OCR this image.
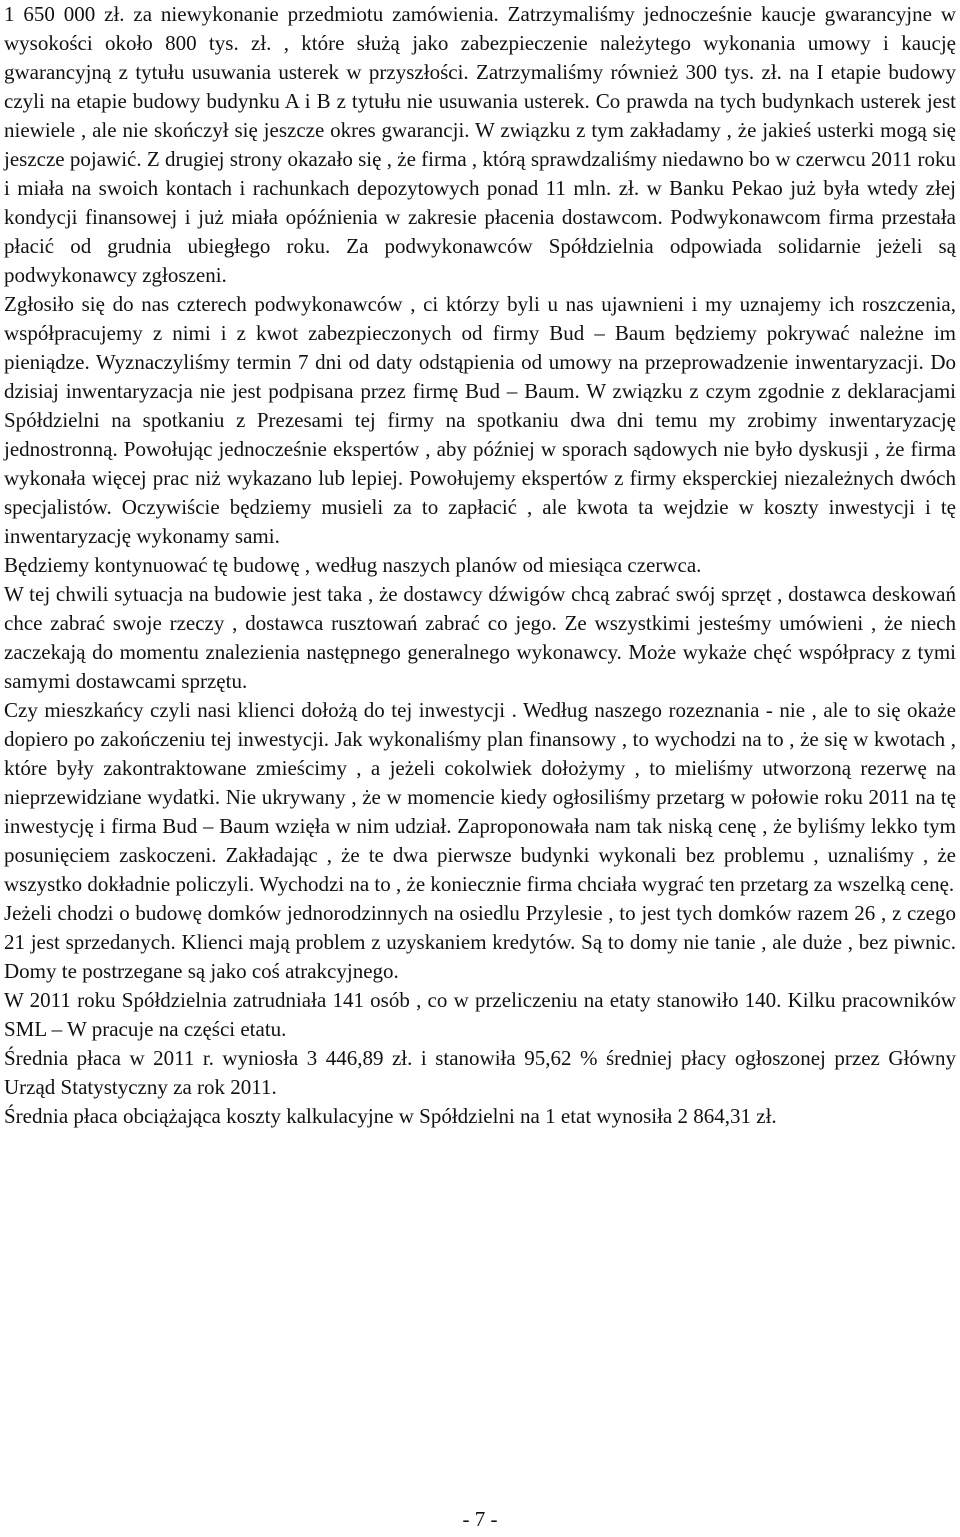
1 650 000 zł. za niewykonanie przedmiotu zamówienia. Zatrzymaliśmy jednocześnie kaucje gwarancyjne w wysokości około 800 tys. zł. , które służą jako zabezpieczenie należytego wykonania umowy i kaucję gwarancyjną z tytułu usuwania usterek w przyszłości. Zatrzymaliśmy również 300 tys. zł. na I etapie budowy czyli na etapie budowy budynku A i B z tytułu nie usuwania usterek. Co prawda na tych budynkach usterek jest niewiele , ale nie skończył się jeszcze okres gwarancji. W związku z tym zakładamy , że jakieś usterki mogą się jeszcze pojawić. Z drugiej strony okazało się , że firma , którą sprawdzaliśmy niedawno bo w czerwcu 2011 roku i miała na swoich kontach i rachunkach depozytowych ponad 11 mln. zł. w Banku Pekao już była wtedy złej kondycji finansowej i już miała opóźnienia w zakresie płacenia dostawcom. Podwykonawcom firma przestała płacić od grudnia ubiegłego roku. Za podwykonawców Spółdzielnia odpowiada solidarnie jeżeli są podwykonawcy zgłoszeni.

Zgłosiło się do nas czterech podwykonawców , ci którzy byli u nas ujawnieni i my uznajemy ich roszczenia, współpracujemy z nimi i z kwot zabezpieczonych od firmy Bud – Baum będziemy pokrywać należne im pieniądze. Wyznaczyliśmy termin 7 dni od daty odstąpienia od umowy na przeprowadzenie inwentaryzacji. Do dzisiaj inwentaryzacja nie jest podpisana przez firmę Bud – Baum. W związku z czym zgodnie z deklaracjami Spółdzielni na spotkaniu z Prezesami tej firmy na spotkaniu dwa dni temu my zrobimy inwentaryzację jednostronną. Powołując jednocześnie ekspertów , aby później w sporach sądowych nie było dyskusji , że firma wykonała więcej prac niż wykazano lub lepiej. Powołujemy ekspertów z firmy eksperckiej niezależnych dwóch specjalistów. Oczywiście będziemy musieli za to zapłacić , ale kwota ta wejdzie w koszty inwestycji i tę inwentaryzację wykonamy sami.

Będziemy kontynuować tę budowę , według naszych planów od miesiąca czerwca.

W tej chwili sytuacja na budowie jest taka , że dostawcy dźwigów chcą zabrać swój sprzęt , dostawca deskowań chce zabrać swoje rzeczy , dostawca rusztowań zabrać co jego. Ze wszystkimi jesteśmy umówieni , że niech zaczekają do momentu znalezienia następnego generalnego wykonawcy. Może wykaże chęć współpracy z tymi samymi dostawcami sprzętu.

Czy mieszkańcy czyli nasi klienci dołożą do tej inwestycji . Według naszego rozeznania - nie , ale to się okaże dopiero po zakończeniu tej inwestycji. Jak wykonaliśmy plan finansowy , to wychodzi na to , że się w kwotach , które były zakontraktowane zmieścimy , a jeżeli cokolwiek dołożymy , to mieliśmy utworzoną rezerwę na nieprzewidziane wydatki. Nie ukrywany , że w momencie kiedy ogłosiliśmy przetarg w połowie roku 2011 na tę inwestycję i firma Bud – Baum wzięła w nim udział. Zaproponowała nam tak niską cenę , że byliśmy lekko tym posunięciem zaskoczeni. Zakładając , że te dwa pierwsze budynki wykonali bez problemu , uznaliśmy , że wszystko dokładnie policzyli. Wychodzi na to , że koniecznie firma chciała wygrać ten przetarg za wszelką cenę.

Jeżeli chodzi o budowę domków jednorodzinnych na osiedlu Przylesie , to jest tych domków razem 26 , z czego 21 jest sprzedanych. Klienci mają problem z uzyskaniem kredytów. Są to domy nie tanie , ale duże , bez piwnic. Domy te postrzegane są jako coś atrakcyjnego.

W 2011 roku Spółdzielnia zatrudniała 141 osób , co w przeliczeniu na etaty stanowiło 140. Kilku pracowników SML – W pracuje na części etatu.

Średnia płaca w 2011 r. wyniosła 3 446,89 zł. i stanowiła 95,62 % średniej płacy ogłoszonej przez Główny Urząd Statystyczny za rok 2011.

Średnia płaca obciążająca koszty kalkulacyjne w Spółdzielni na 1 etat wynosiła 2 864,31 zł.

- 7 -
